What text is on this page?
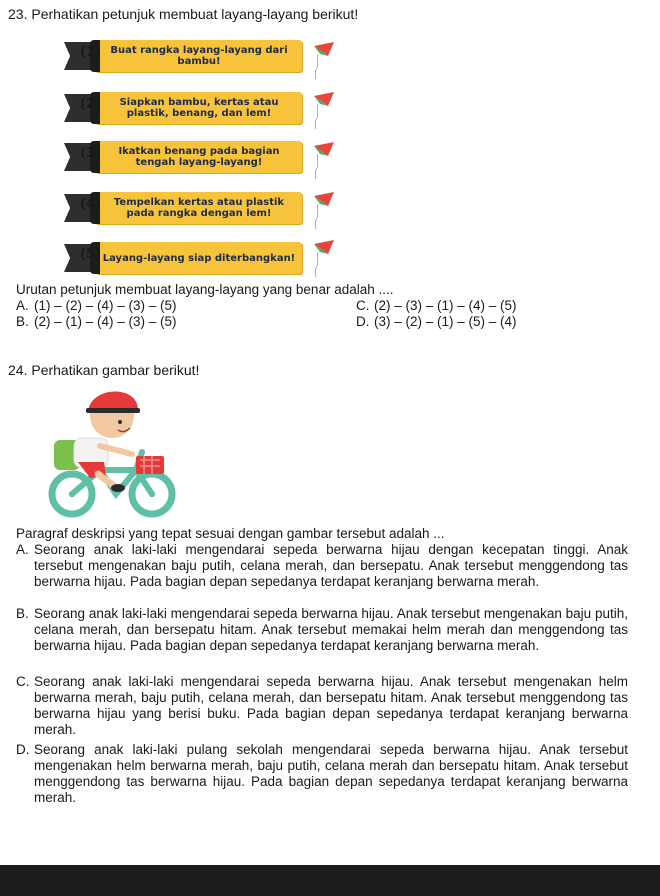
23. Perhatikan petunjuk membuat layang-layang berikut!
(1) Buat rangka layang-layang dari bambu!
(2)	Siapkan bambu, kertas atau plastik, benang, dan lem!
(3)	Ikatkan benang pada bagian tengah layang-layang!
(4)	Tempelkan kertas atau plastik pada rangka dengan lem!
(5) Layang-layang siap diterbangkan!
Urutan petunjuk membuat layang-layang yang benar adalah ....
A. (1) – (2) – (4) – (3) – (5)
B. (2) – (1) – (4) – (3) – (5)
C. (2) – (3) – (1) – (4) – (5)
D. (3) – (2) – (1) – (5) – (4)
24. Perhatikan gambar berikut!
Paragraf deskripsi yang tepat sesuai dengan gambar tersebut adalah ...
A. Seorang anak laki-laki mengendarai sepeda berwarna hijau dengan kecepatan tinggi. Anak tersebut mengenakan baju putih, celana merah, dan bersepatu. Anak tersebut menggendong tas berwarna hijau. Pada bagian depan sepedanya terdapat keranjang berwarna merah.
B. Seorang anak laki-laki mengendarai sepeda berwarna hijau. Anak tersebut mengenakan baju putih, celana merah, dan bersepatu hitam. Anak tersebut memakai helm merah dan menggendong tas berwarna hijau. Pada bagian depan sepedanya terdapat keranjang berwarna merah.
C. Seorang anak laki-laki mengendarai sepeda berwarna hijau. Anak tersebut mengenakan helm berwarna merah, baju putih, celana merah, dan bersepatu hitam. Anak tersebut menggendong tas berwarna hijau yang berisi buku. Pada bagian depan sepedanya terdapat keranjang berwarna merah.
D. Seorang anak laki-laki pulang sekolah mengendarai sepeda berwarna hijau. Anak tersebut mengenakan helm berwarna merah, baju putih, celana merah dan bersepatu hitam. Anak tersebut menggendong tas berwarna hijau. Pada bagian depan sepedanya terdapat keranjang berwarna merah.
